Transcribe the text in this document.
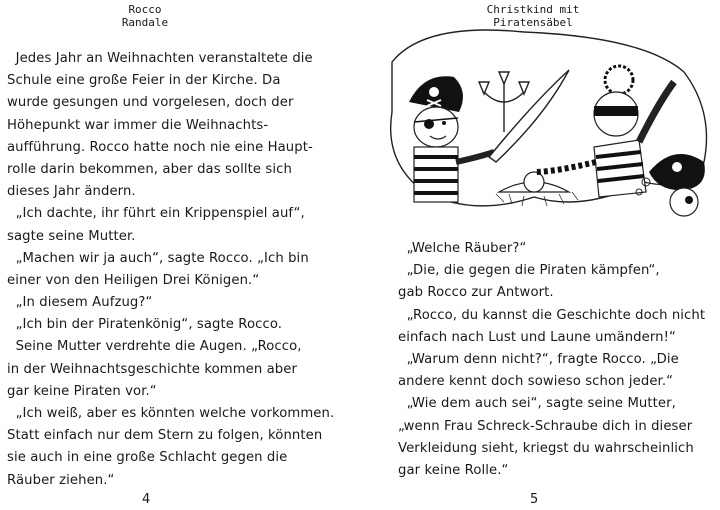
Rocco
Randale
Jedes Jahr an Weihnachten veranstaltete die
Schule eine große Feier in der Kirche. Da
wurde gesungen und vorgelesen, doch der
Höhepunkt war immer die Weihnachts-
aufführung. Rocco hatte noch nie eine Haupt-
rolle darin bekommen, aber das sollte sich
dieses Jahr ändern.
„Ich dachte, ihr führt ein Krippenspiel auf“,
sagte seine Mutter.
„Machen wir ja auch“, sagte Rocco. „Ich bin
einer von den Heiligen Drei Königen.“
„In diesem Aufzug?“
„Ich bin der Piratenkönig“, sagte Rocco.
Seine Mutter verdrehte die Augen. „Rocco,
in der Weihnachtsgeschichte kommen aber
gar keine Piraten vor.“
„Ich weiß, aber es könnten welche vorkommen.
Statt einfach nur dem Stern zu folgen, könnten
sie auch in eine große Schlacht gegen die
Räuber ziehen.“
4
Christkind mit
Piratensäbel
„Welche Räuber?“
„Die, die gegen die Piraten kämpfen“,
gab Rocco zur Antwort.
„Rocco, du kannst die Geschichte doch nicht
einfach nach Lust und Laune umändern!“
„Warum denn nicht?“, fragte Rocco. „Die
andere kennt doch sowieso schon jeder.“
„Wie dem auch sei“, sagte seine Mutter,
„wenn Frau Schreck-Schraube dich in dieser
Verkleidung sieht, kriegst du wahrscheinlich
gar keine Rolle.“
5
